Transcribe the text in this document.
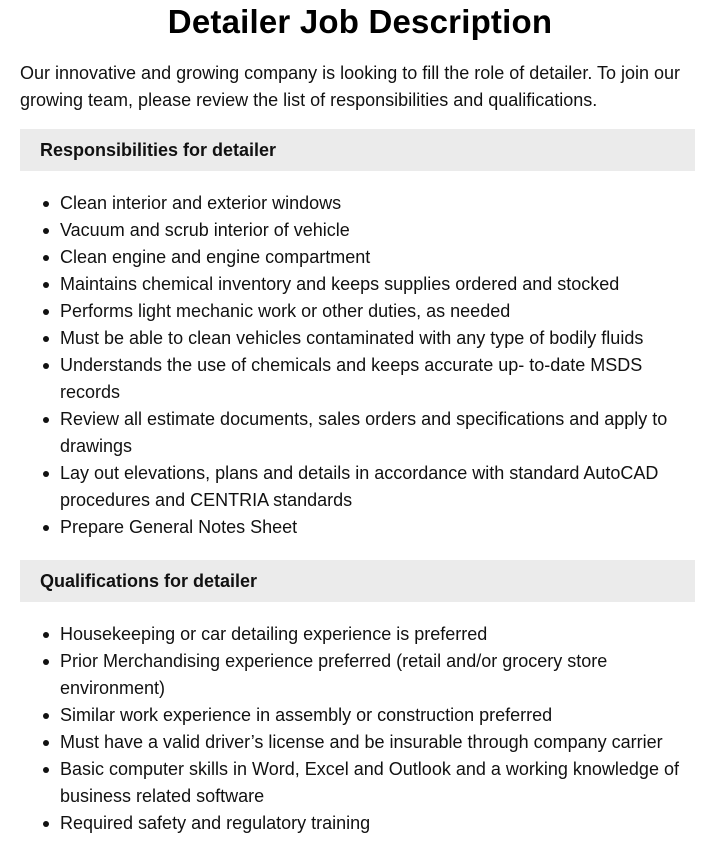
Detailer Job Description

Our innovative and growing company is looking to fill the role of detailer. To join our growing team, please review the list of responsibilities and qualifications.

Responsibilities for detailer
Clean interior and exterior windows
Vacuum and scrub interior of vehicle
Clean engine and engine compartment
Maintains chemical inventory and keeps supplies ordered and stocked
Performs light mechanic work or other duties, as needed
Must be able to clean vehicles contaminated with any type of bodily fluids
Understands the use of chemicals and keeps accurate up- to-date MSDS records
Review all estimate documents, sales orders and specifications and apply to drawings
Lay out elevations, plans and details in accordance with standard AutoCAD procedures and CENTRIA standards
Prepare General Notes Sheet
Qualifications for detailer
Housekeeping or car detailing experience is preferred
Prior Merchandising experience preferred (retail and/or grocery store environment)
Similar work experience in assembly or construction preferred
Must have a valid driver’s license and be insurable through company carrier
Basic computer skills in Word, Excel and Outlook and a working knowledge of business related software
Required safety and regulatory training
